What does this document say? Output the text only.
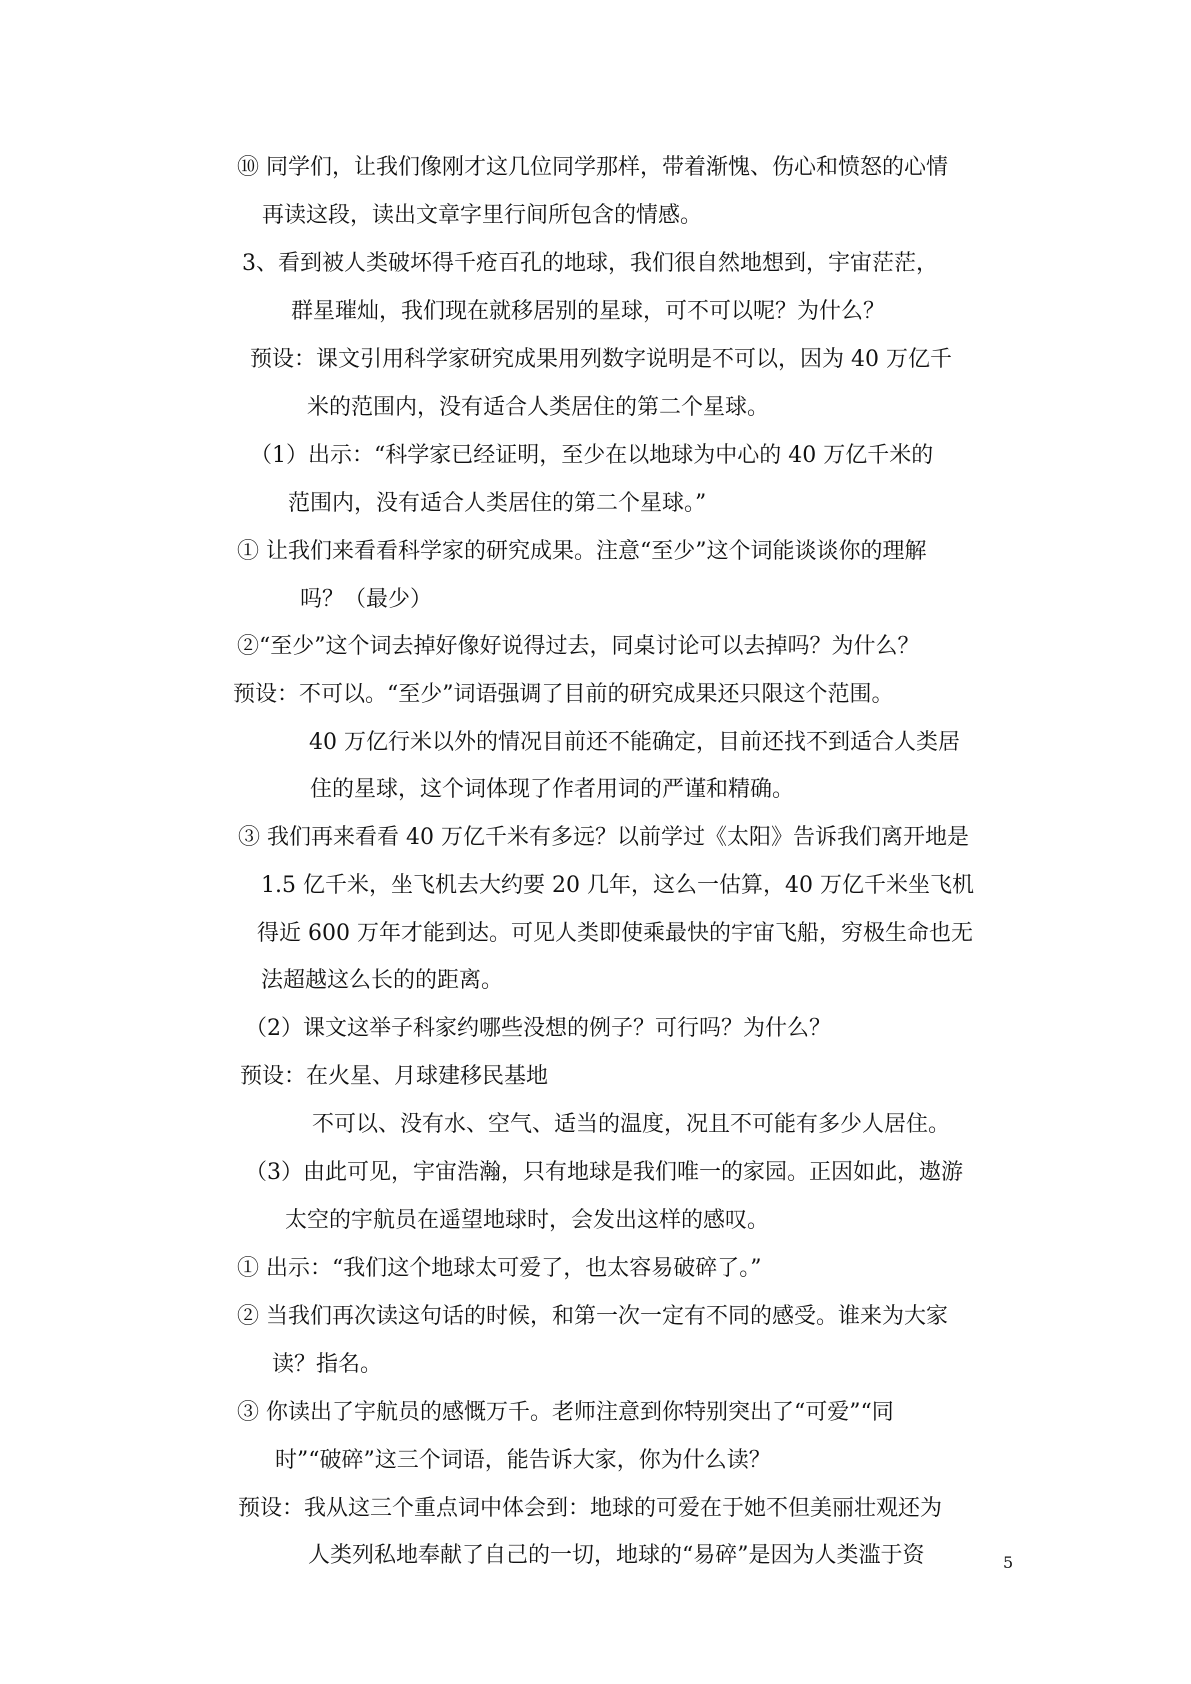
⑩ 同学们，让我们像刚才这几位同学那样，带着渐愧、伤心和愤怒的心情
再读这段，读出文章字里行间所包含的情感。
3、看到被人类破坏得千疮百孔的地球，我们很自然地想到，宇宙茫茫，
群星璀灿，我们现在就移居别的星球，可不可以呢？为什么？
预设：课文引用科学家研究成果用列数字说明是不可以，因为 40 万亿千
米的范围内，没有适合人类居住的第二个星球。
（1）出示：“科学家已经证明，至少在以地球为中心的 40 万亿千米的
范围内，没有适合人类居住的第二个星球。”
① 让我们来看看科学家的研究成果。注意“至少”这个词能谈谈你的理解
吗？（最少）
②“至少”这个词去掉好像好说得过去，同桌讨论可以去掉吗？为什么？
预设：不可以。“至少”词语强调了目前的研究成果还只限这个范围。
40 万亿行米以外的情况目前还不能确定，目前还找不到适合人类居
住的星球，这个词体现了作者用词的严谨和精确。
③ 我们再来看看 40 万亿千米有多远？以前学过《太阳》告诉我们离开地是
1.5 亿千米，坐飞机去大约要 20 几年，这么一估算，40 万亿千米坐飞机
得近 600 万年才能到达。可见人类即使乘最快的宇宙飞船，穷极生命也无
法超越这么长的的距离。
（2）课文这举子科家约哪些没想的例子？可行吗？为什么？
预设：在火星、月球建移民基地
不可以、没有水、空气、适当的温度，况且不可能有多少人居住。
（3）由此可见，宇宙浩瀚，只有地球是我们唯一的家园。正因如此，遨游
太空的宇航员在遥望地球时，会发出这样的感叹。
① 出示：“我们这个地球太可爱了，也太容易破碎了。”
② 当我们再次读这句话的时候，和第一次一定有不同的感受。谁来为大家
读？指名。
③ 你读出了宇航员的感慨万千。老师注意到你特别突出了“可爱”“同
时”“破碎”这三个词语，能告诉大家，你为什么读？
预设：我从这三个重点词中体会到：地球的可爱在于她不但美丽壮观还为
人类列私地奉献了自己的一切，地球的“易碎”是因为人类滥于资	5
